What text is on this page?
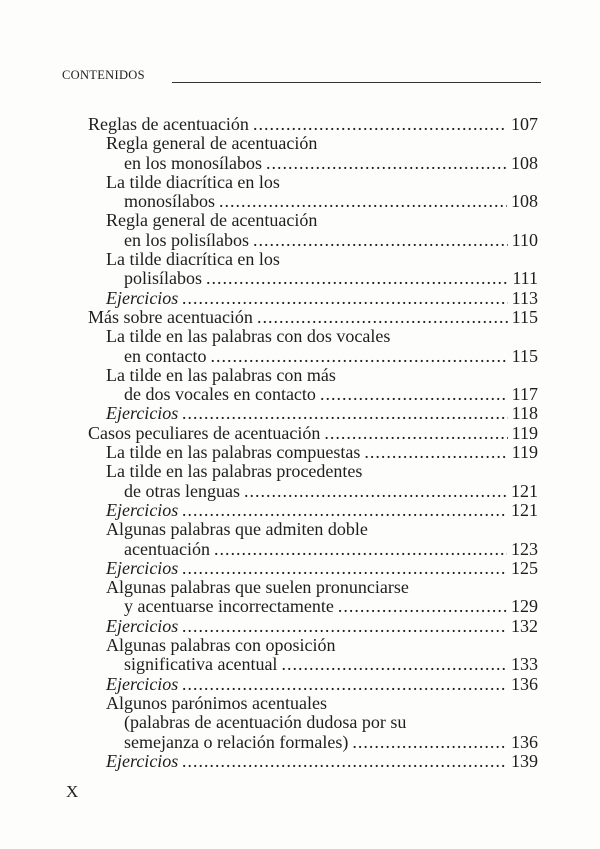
CONTENIDOS
Reglas de acentuación .....	107
Regla general de acentuación
en los monosílabos .....	108
La tilde diacrítica en los
monosílabos .....	108
Regla general de acentuación
en los polisílabos .....	110
La tilde diacrítica en los
polisílabos .....	111
Ejercicios .....	113
Más sobre acentuación .....	115
La tilde en las palabras con dos vocales
en contacto .....	115
La tilde en las palabras con más
de dos vocales en contacto .....	117
Ejercicios .....	118
Casos peculiares de acentuación .....	119
La tilde en las palabras compuestas .....	119
La tilde en las palabras procedentes
de otras lenguas .....	121
Ejercicios .....	121
Algunas palabras que admiten doble
acentuación .....	123
Ejercicios .....	125
Algunas palabras que suelen pronunciarse
y acentuarse incorrectamente .....	129
Ejercicios .....	132
Algunas palabras con oposición
significativa acentual .....	133
Ejercicios .....	136
Algunos parónimos acentuales
(palabras de acentuación dudosa por su
semejanza o relación formales) .....	136
Ejercicios .....	139
X
